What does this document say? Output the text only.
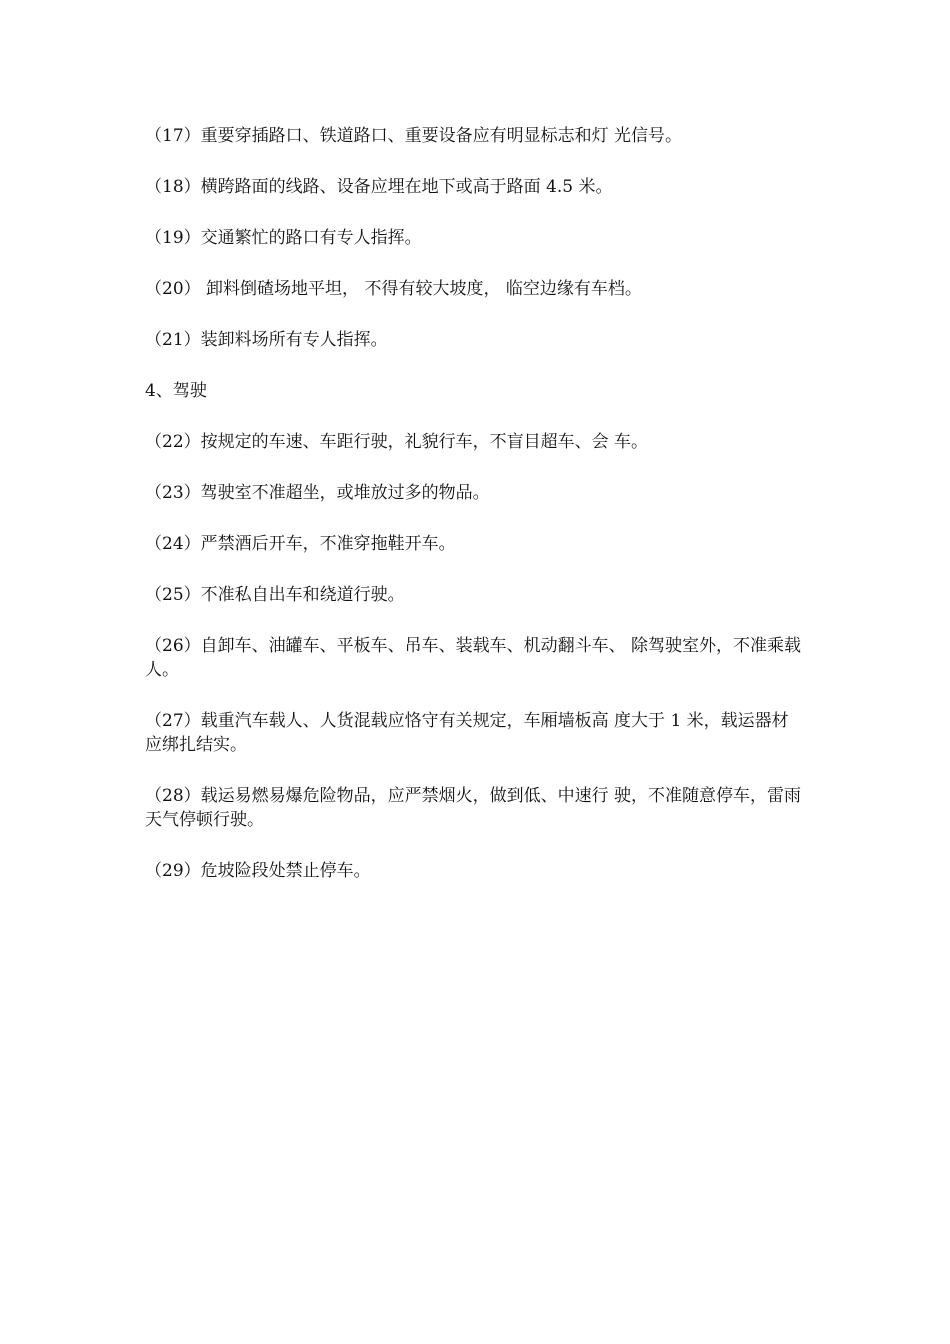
（17）重要穿插路口、铁道路口、重要设备应有明显标志和灯 光信号。

（18）横跨路面的线路、设备应埋在地下或高于路面 4.5 米。

（19）交通繁忙的路口有专人指挥。

（20） 卸料倒碴场地平坦， 不得有较大坡度， 临空边缘有车档。

（21）装卸料场所有专人指挥。

4、驾驶

（22）按规定的车速、车距行驶，礼貌行车，不盲目超车、会 车。

（23）驾驶室不准超坐，或堆放过多的物品。

（24）严禁酒后开车，不准穿拖鞋开车。

（25）不准私自出车和绕道行驶。

（26）自卸车、油罐车、平板车、吊车、装载车、机动翻斗车、 除驾驶室外，不准乘载人。

（27）载重汽车载人、人货混载应恪守有关规定，车厢墙板高 度大于 1 米，载运器材应绑扎结实。

（28）载运易燃易爆危险物品，应严禁烟火，做到低、中速行 驶，不准随意停车，雷雨天气停顿行驶。

（29）危坡险段处禁止停车。
